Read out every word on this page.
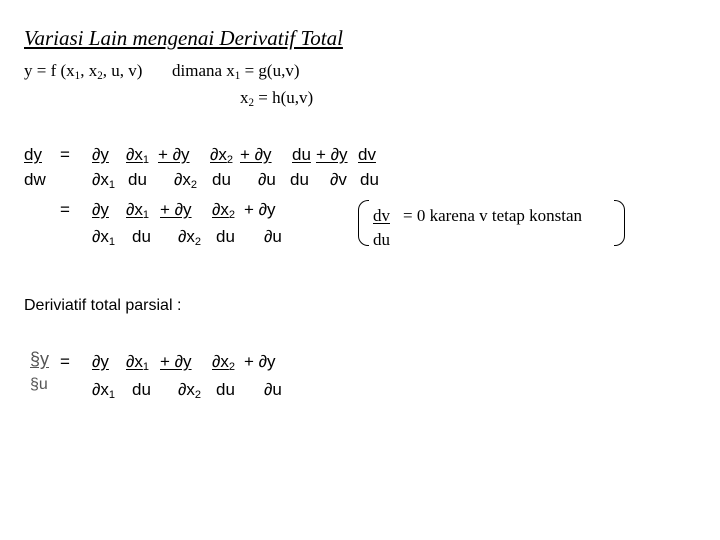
Variasi Lain mengenai Derivatif Total
y = f ($x_1$, $x_2$, u, v) dimana $x_1 = g(u,v)$
$x_2 = h(u,v)$
dy = ∂y $\partial x_1 + \partial y$ $\partial x_2 + \partial y$ du + ∂y dv
dw	$\partial x_1$ du $\partial x_2$ du ∂u du ∂v du
= ∂y $\partial x_1 + \partial y$ $\partial x_2 + \partial y$
$\partial x_1$ du $\partial x_2$ du ∂u
dv = 0 karena v tetap konstan
du
Deriviatif total parsial :
§y
§u
= ∂y $\partial x_1 + \partial y$ $\partial x_2 + \partial y$
$\partial x_1$ du $\partial x_2$ du ∂u
